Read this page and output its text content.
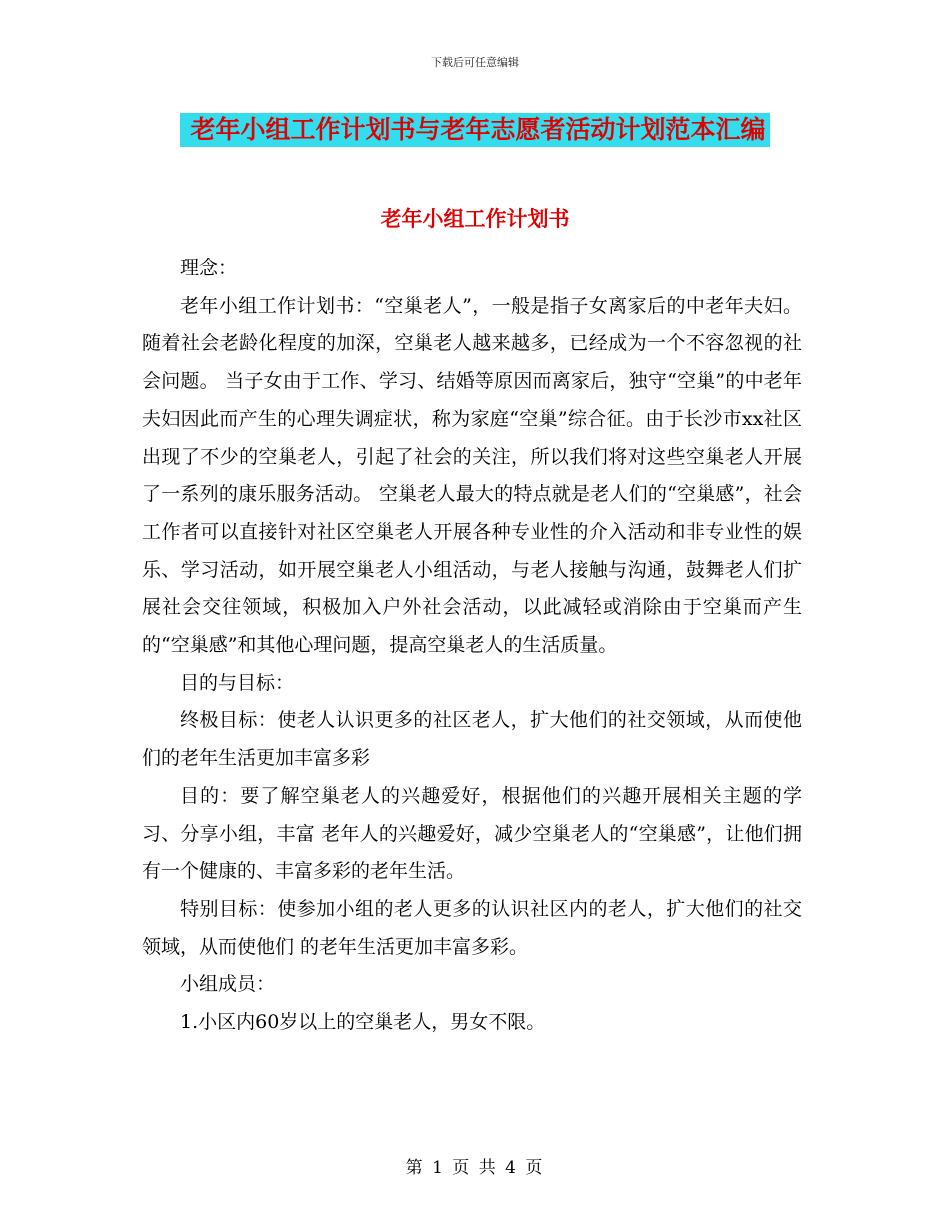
下载后可任意编辑
老年小组工作计划书与老年志愿者活动计划范本汇编
老年小组工作计划书

理念：

老年小组工作计划书：“空巢老人”，一般是指子女离家后的中老年夫妇。随着社会老龄化程度的加深，空巢老人越来越多，已经成为一个不容忽视的社会问题。 当子女由于工作、学习、结婚等原因而离家后，独守“空巢”的中老年夫妇因此而产生的心理失调症状，称为家庭“空巢”综合征。由于长沙市xx社区出现了不少的空巢老人，引起了社会的关注，所以我们将对这些空巢老人开展了一系列的康乐服务活动。 空巢老人最大的特点就是老人们的“空巢感”，社会工作者可以直接针对社区空巢老人开展各种专业性的介入活动和非专业性的娱乐、学习活动，如开展空巢老人小组活动，与老人接触与沟通，鼓舞老人们扩展社会交往领域，积极加入户外社会活动，以此减轻或消除由于空巢而产生的“空巢感”和其他心理问题，提高空巢老人的生活质量。

目的与目标：

终极目标：使老人认识更多的社区老人，扩大他们的社交领域，从而使他们的老年生活更加丰富多彩

目的：要了解空巢老人的兴趣爱好，根据他们的兴趣开展相关主题的学习、分享小组，丰富 老年人的兴趣爱好，减少空巢老人的“空巢感”，让他们拥有一个健康的、丰富多彩的老年生活。

特别目标：使参加小组的老人更多的认识社区内的老人，扩大他们的社交领域，从而使他们 的老年生活更加丰富多彩。

小组成员：

1.小区内60岁以上的空巢老人，男女不限。

第 1 页 共 4 页
